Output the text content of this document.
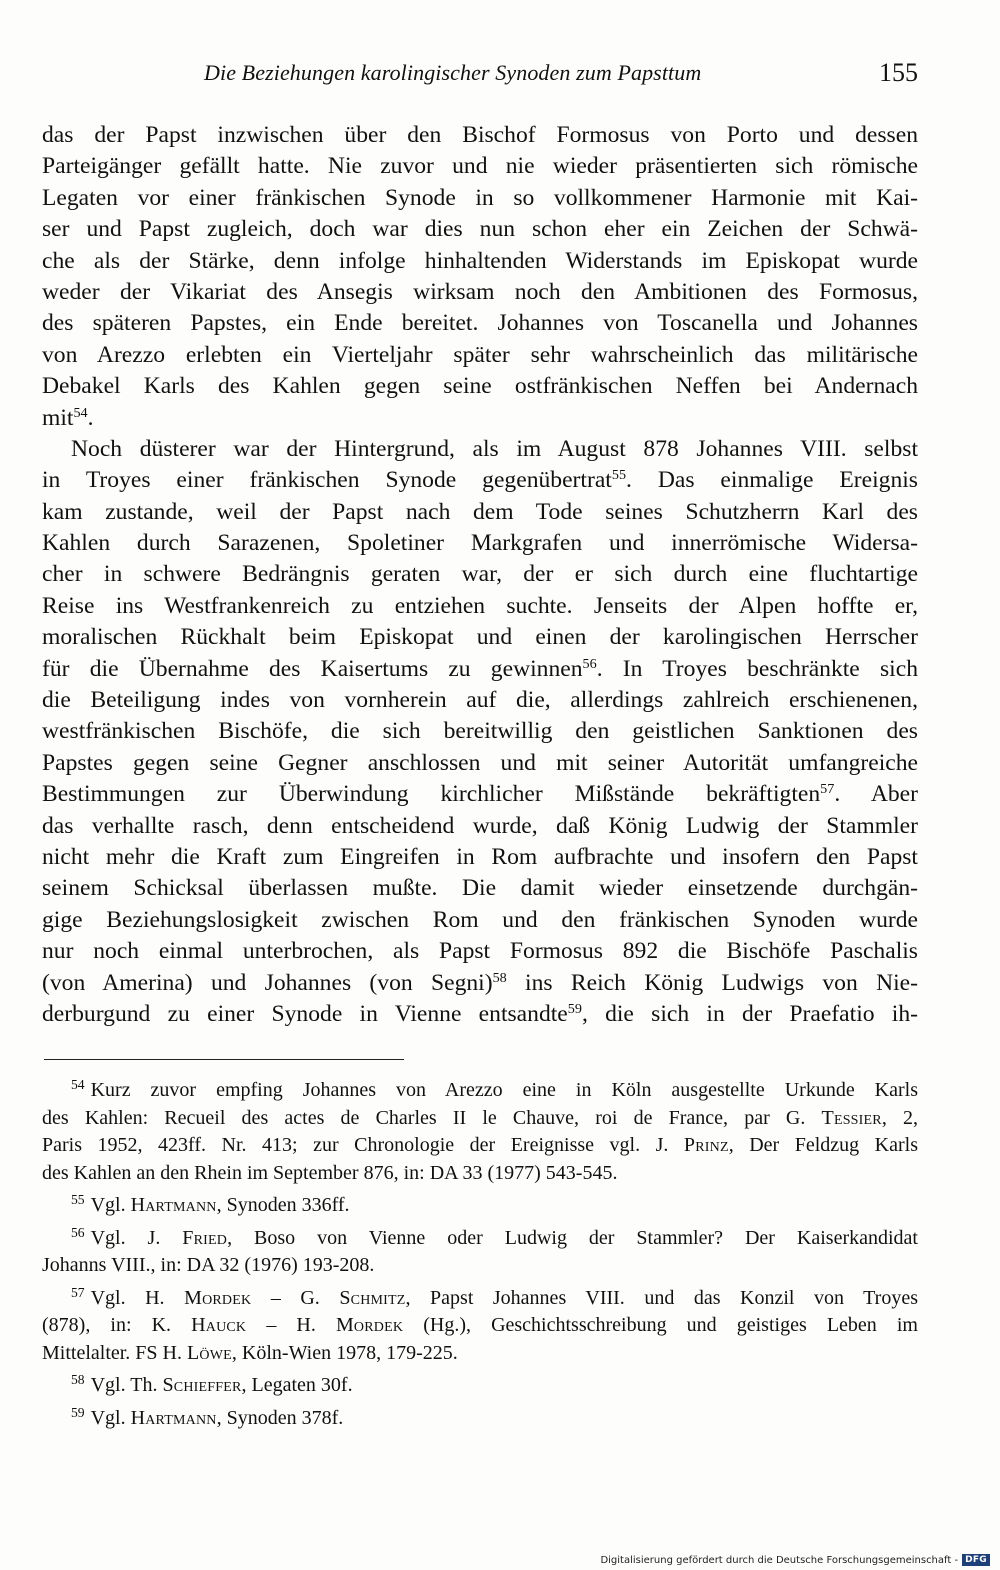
Die Beziehungen karolingischer Synoden zum Papsttum	155
das der Papst inzwischen über den Bischof Formosus von Porto und dessen
Parteigänger gefällt hatte. Nie zuvor und nie wieder präsentierten sich römische
Legaten vor einer fränkischen Synode in so vollkommener Harmonie mit Kai-
ser und Papst zugleich, doch war dies nun schon eher ein Zeichen der Schwä-
che als der Stärke, denn infolge hinhaltenden Widerstands im Episkopat wurde
weder der Vikariat des Ansegis wirksam noch den Ambitionen des Formosus,
des späteren Papstes, ein Ende bereitet. Johannes von Toscanella und Johannes
von Arezzo erlebten ein Vierteljahr später sehr wahrscheinlich das militärische
Debakel Karls des Kahlen gegen seine ostfränkischen Neffen bei Andernach
mit$^{54}$.
Noch düsterer war der Hintergrund, als im August 878 Johannes VIII. selbst
in Troyes einer fränkischen Synode gegenübertrat$^{55}$. Das einmalige Ereignis
kam zustande, weil der Papst nach dem Tode seines Schutzherrn Karl des
Kahlen durch Sarazenen, Spoletiner Markgrafen und innerrömische Widersa-
cher in schwere Bedrängnis geraten war, der er sich durch eine fluchtartige
Reise ins Westfrankenreich zu entziehen suchte. Jenseits der Alpen hoffte er,
moralischen Rückhalt beim Episkopat und einen der karolingischen Herrscher
für die Übernahme des Kaisertums zu gewinnen$^{56}$. In Troyes beschränkte sich
die Beteiligung indes von vornherein auf die, allerdings zahlreich erschienenen,
westfränkischen Bischöfe, die sich bereitwillig den geistlichen Sanktionen des
Papstes gegen seine Gegner anschlossen und mit seiner Autorität umfangreiche
Bestimmungen zur Überwindung kirchlicher Mißstände bekräftigten$^{57}$. Aber
das verhallte rasch, denn entscheidend wurde, daß König Ludwig der Stammler
nicht mehr die Kraft zum Eingreifen in Rom aufbrachte und insofern den Papst
seinem Schicksal überlassen mußte. Die damit wieder einsetzende durchgän-
gige Beziehungslosigkeit zwischen Rom und den fränkischen Synoden wurde
nur noch einmal unterbrochen, als Papst Formosus 892 die Bischöfe Paschalis
(von Amerina) und Johannes (von Segni)$^{58}$ ins Reich König Ludwigs von Nie-
derburgund zu einer Synode in Vienne entsandte$^{59}$, die sich in der Praefatio ih-
$^{54}$ Kurz zuvor empfing Johannes von Arezzo eine in Köln ausgestellte Urkunde Karls
des Kahlen: Recueil des actes de Charles II le Chauve, roi de France, par G. Tessier, 2,
Paris 1952, 423ff. Nr. 413; zur Chronologie der Ereignisse vgl. J. Prinz, Der Feldzug Karls
des Kahlen an den Rhein im September 876, in: DA 33 (1977) 543-545.
$^{55}$ Vgl. Hartmann, Synoden 336ff.
$^{56}$ Vgl. J. Fried, Boso von Vienne oder Ludwig der Stammler? Der Kaiserkandidat
Johanns VIII., in: DA 32 (1976) 193-208.
$^{57}$ Vgl. H. Mordek – G. Schmitz, Papst Johannes VIII. und das Konzil von Troyes
(878), in: K. Hauck – H. Mordek (Hg.), Geschichtsschreibung und geistiges Leben im
Mittelalter. FS H. Löwe, Köln-Wien 1978, 179-225.
$^{58}$ Vgl. Th. Schieffer, Legaten 30f.
$^{59}$ Vgl. Hartmann, Synoden 378f.
Digitalisierung gefördert durch die Deutsche Forschungsgemeinschaft - DFG
